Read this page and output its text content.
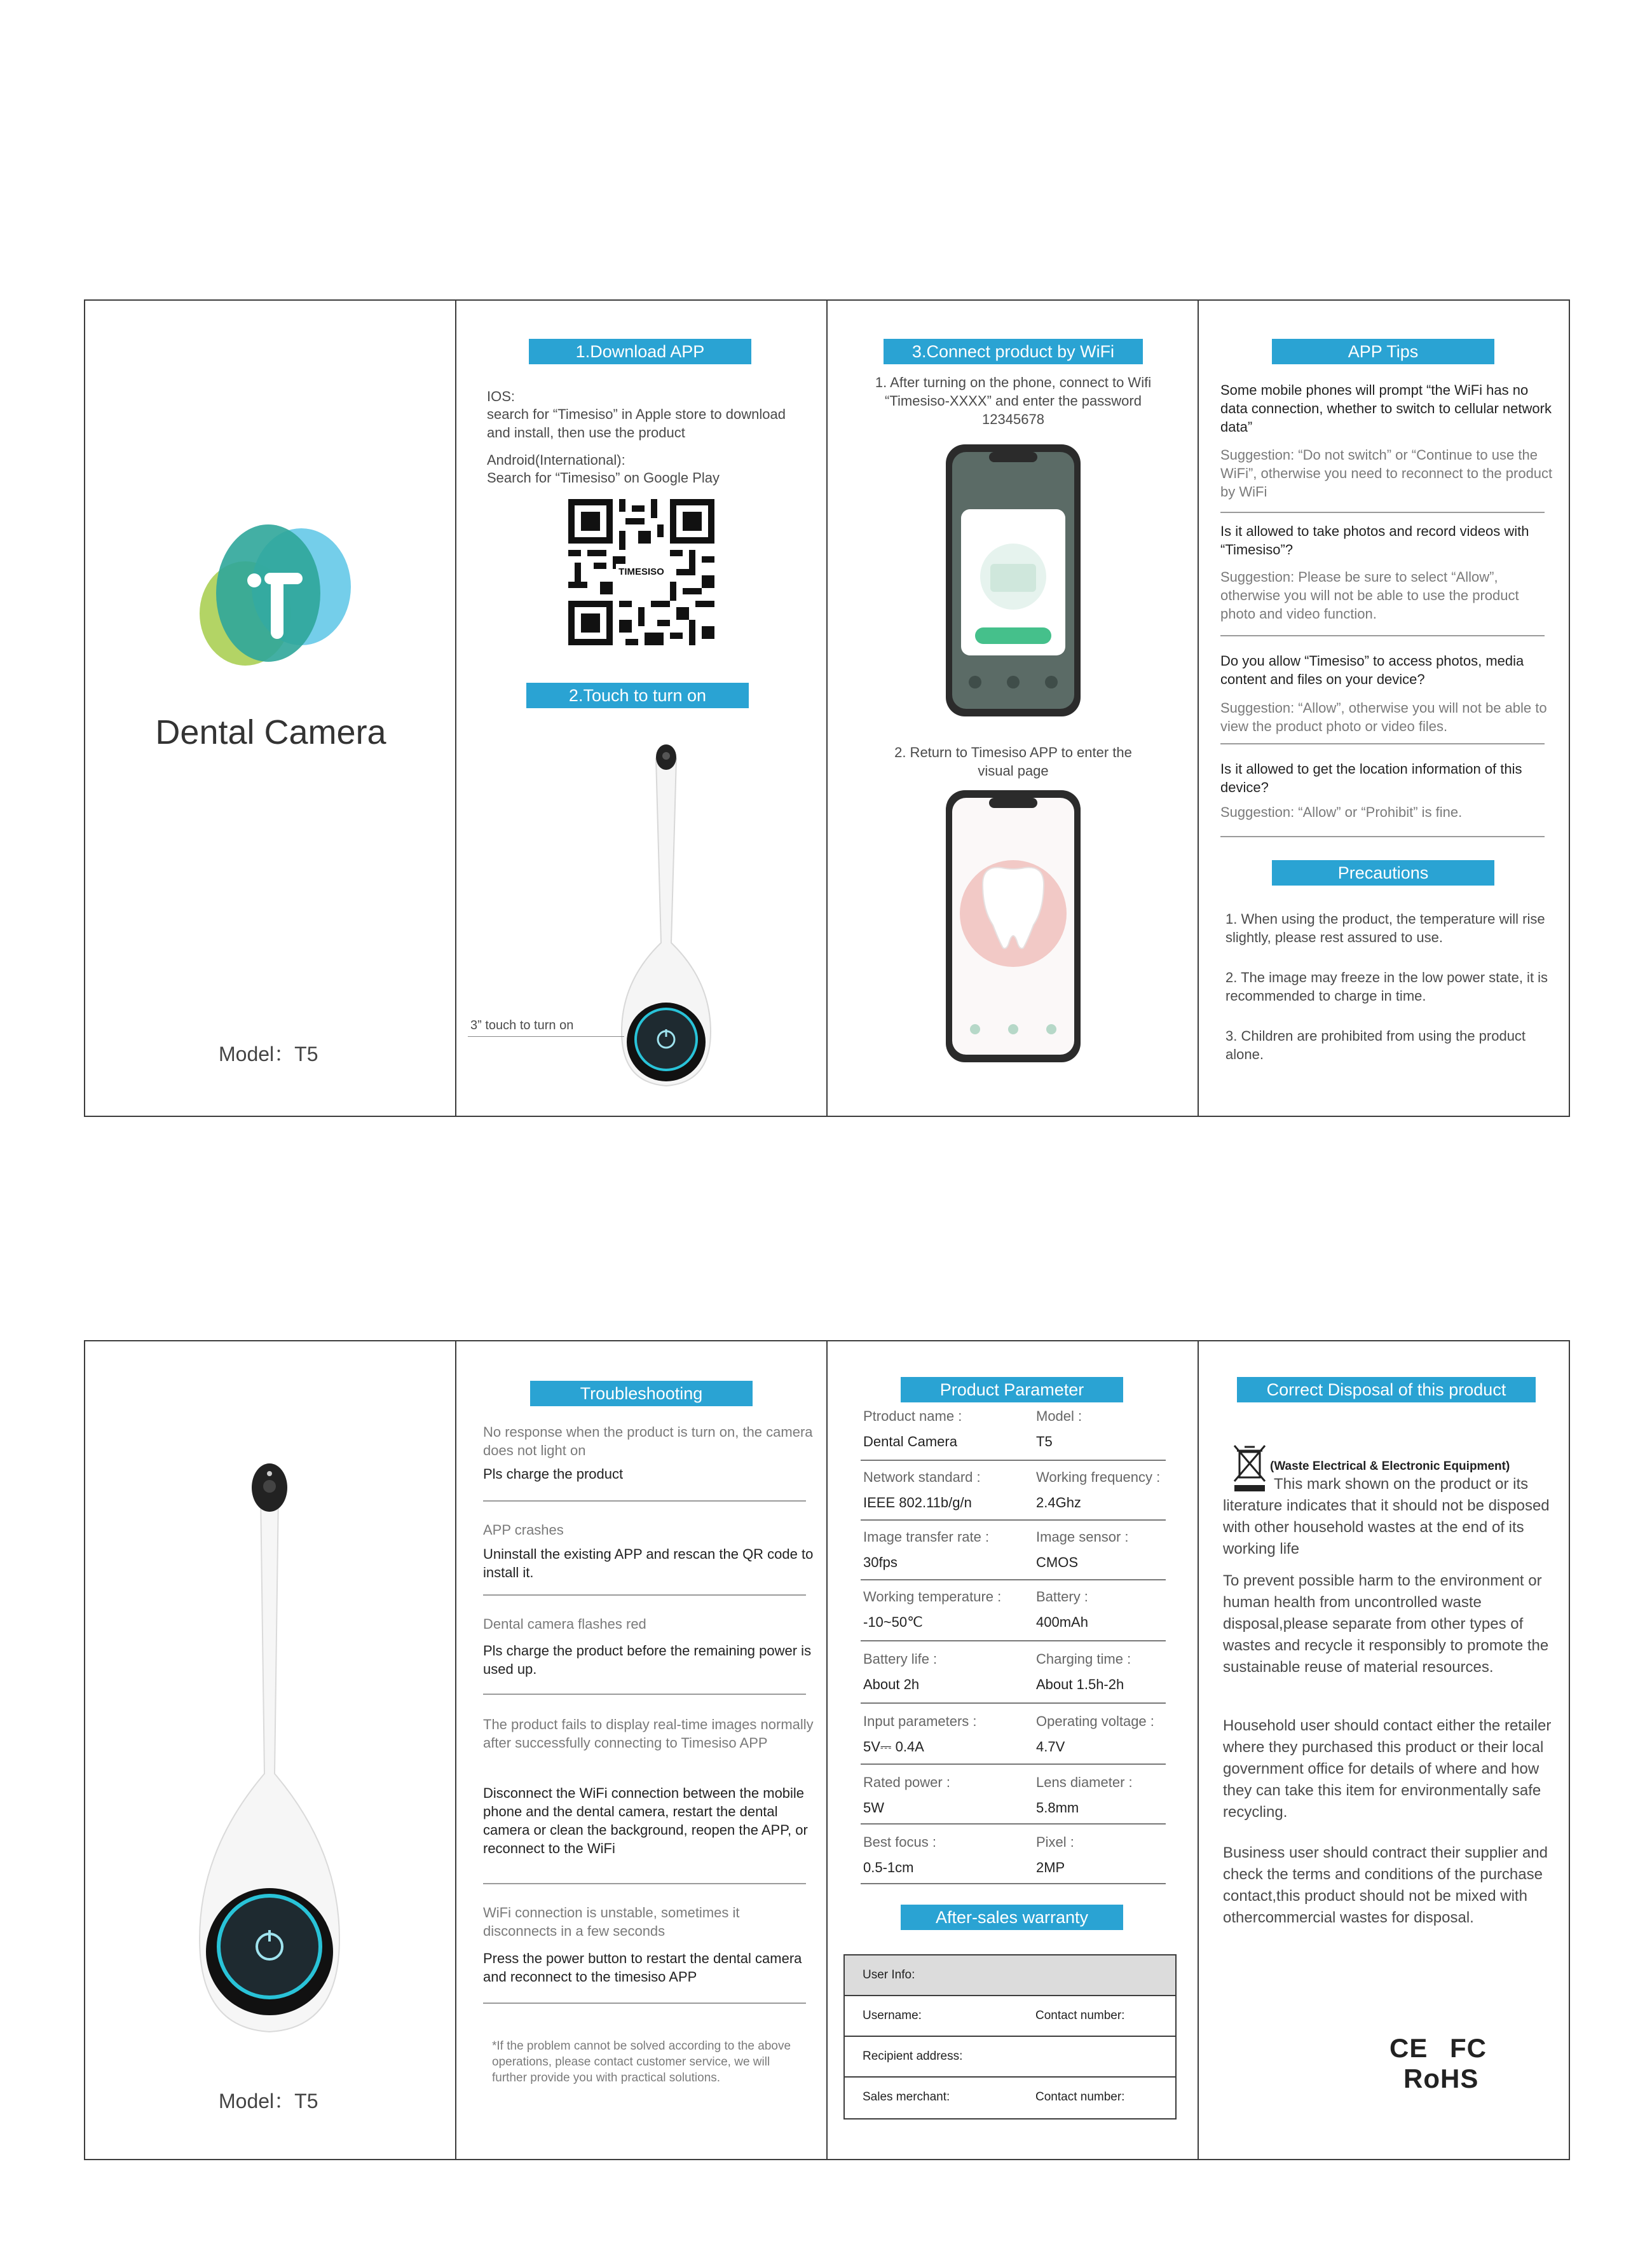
Dental Camera
Model：T5
1.Download APP
IOS:
search for “Timesiso” in Apple store to download and install, then use the product
Android(International):
Search for “Timesiso” on Google Play
TIMESISO
2.Touch to turn on
3” touch to turn on
3.Connect product by WiFi
1. After turning on the phone, connect to Wifi “Timesiso-XXXX” and enter the password 12345678
2. Return to Timesiso APP to enter the visual page
APP Tips
Some mobile phones will prompt “the WiFi has no data connection, whether to switch to cellular network data”
Suggestion: “Do not switch” or “Continue to use the WiFi”, otherwise you need to reconnect to the product by WiFi
Is it allowed to take photos and record videos with “Timesiso”?
Suggestion: Please be sure to select “Allow”, otherwise you will not be able to use the product photo and video function.
Do you allow “Timesiso” to access photos, media content and files on your device?
Suggestion: “Allow”, otherwise you will not be able to view the product photo or video files.
Is it allowed to get the location information of this device?
Suggestion: “Allow” or “Prohibit” is fine.
Precautions
1. When using the product, the temperature will rise slightly, please rest assured to use.
2. The image may freeze in the low power state, it is recommended to charge in time.
3. Children are prohibited from using the product alone.
Model：T5
Troubleshooting
No response when the product is turn on, the camera does not light on
Pls charge the product
APP crashes
Uninstall the existing APP and rescan the QR code to install it.
Dental camera flashes red
Pls charge the product before the remaining power is used up.
The product fails to display real-time images normally after successfully connecting to Timesiso APP
Disconnect the WiFi connection between the mobile phone and the dental camera, restart the dental camera or clean the background, reopen the APP, or reconnect to the WiFi
WiFi connection is unstable, sometimes it disconnects in a few seconds
Press the power button to restart the dental camera and reconnect to the timesiso APP
*If the problem cannot be solved according to the above operations, please contact customer service, we will further provide you with practical solutions.
Product Parameter
Ptroduct name :	Model :
Dental Camera	T5
Network standard :	Working frequency :
IEEE 802.11b/g/n	2.4Ghz
Image transfer rate :	Image sensor :
30fps	CMOS
Working temperature : Battery :
-10~50℃	400mAh
Battery life :	Charging time :
About 2h	About 1.5h-2h
Input parameters :	Operating voltage :
5V⎓ 0.4A	4.7V
Rated power :	Lens diameter :
5W	5.8mm
Best focus :	Pixel :
0.5-1cm	2MP
After-sales warranty
Correct Disposal of this product
(Waste Electrical & Electronic Equipment)
This mark shown on the product or its literature indicates that it should not be disposed with other household wastes at the end of its working life
To prevent possible harm to the environment or human health from uncontrolled waste disposal,please separate from other types of wastes and recycle it responsibly to promote the sustainable reuse of material resources.
Household user should contact either the retailer where they purchased this product or their local government office for details of where and how they can take this item for environmentally safe recycling.
Business user should contract their supplier and check the terms and conditions of the purchase contact,this product should not be mixed with othercommercial wastes for disposal.
CE FC RoHS
User Info:
Username:	Contact number:
Recipient address:
Sales merchant:	Contact number:
